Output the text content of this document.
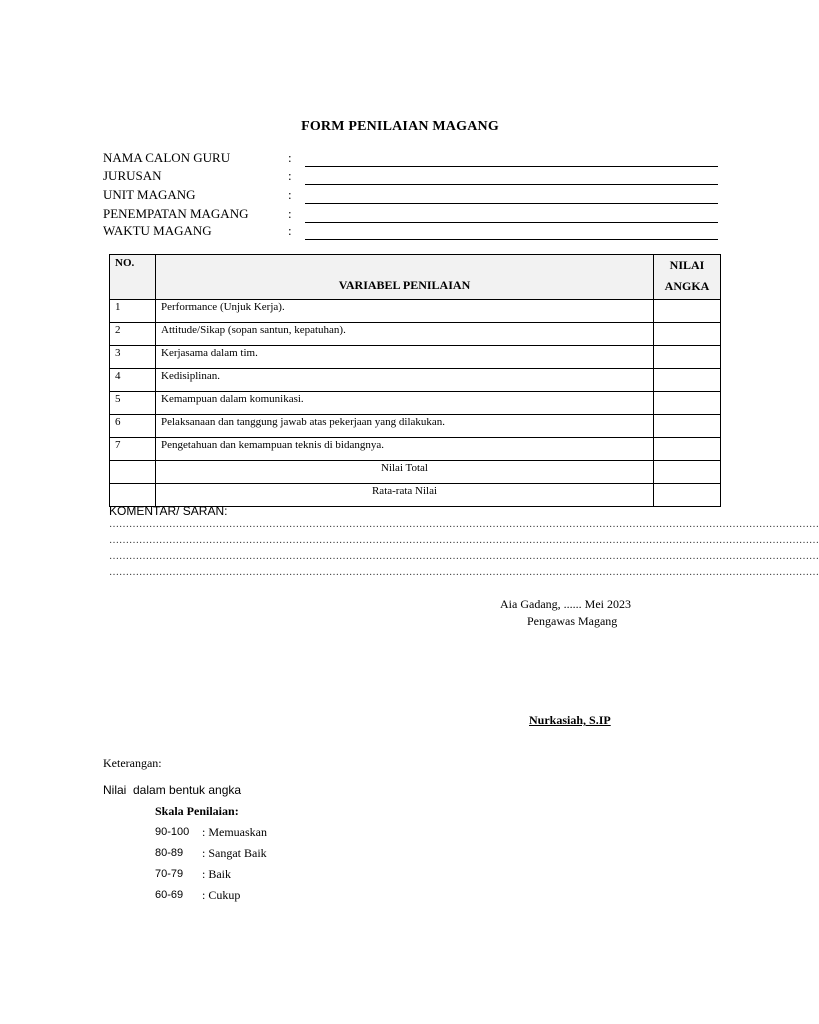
FORM PENILAIAN MAGANG
NAMA CALON GURU	:
JURUSAN	:
UNIT MAGANG	:
PENEMPATAN MAGANG	:
WAKTU MAGANG	:
NO.	VARIABEL PENILAIAN	NILAI
ANGKA
1	Performance (Unjuk Kerja).	
2	Attitude/Sikap (sopan santun, kepatuhan).	
3	Kerjasama dalam tim.	
4	Kedisiplinan.	
5	Kemampuan dalam komunikasi.	
6	Pelaksanaan dan tanggung jawab atas pekerjaan yang dilakukan.	
7	Pengetahuan dan kemampuan teknis di bidangnya.	
	Nilai Total	
	Rata-rata Nilai	
KOMENTAR/ SARAN:
……………………………………………………………………………………………………………………………………………………………………………………………
……………………………………………………………………………………………………………………………………………………………………………………………
……………………………………………………………………………………………………………………………………………………………………………………………
……………………………………………………………………………………………………………………………………………………………………………………………
Aia Gadang, ...... Mei 2023
Pengawas Magang
Nurkasiah, S.IP
Keterangan:
Nilai  dalam bentuk angka
Skala Penilaian:
90-100 : Memuaskan
80-89 : Sangat Baik
70-79 : Baik
60-69 : Cukup
